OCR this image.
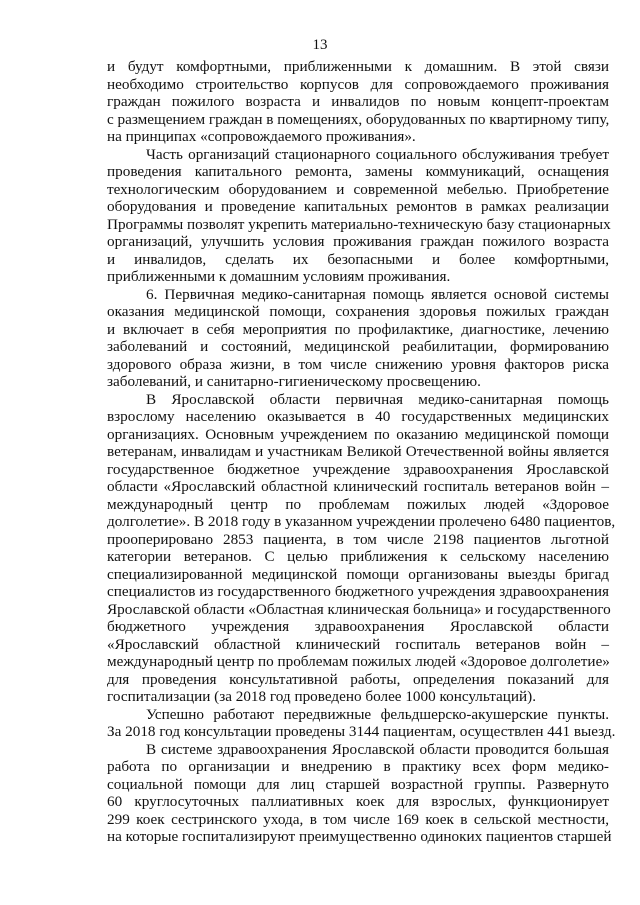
13
и будут комфортными, приближенными к домашним. В этой связи
необходимо строительство корпусов для сопровождаемого проживания
граждан пожилого возраста и инвалидов по новым концепт-проектам
с размещением граждан в помещениях, оборудованных по квартирному типу,
на принципах «сопровождаемого проживания».
Часть организаций стационарного социального обслуживания требует
проведения капитального ремонта, замены коммуникаций, оснащения
технологическим оборудованием и современной мебелью. Приобретение
оборудования и проведение капитальных ремонтов в рамках реализации
Программы позволят укрепить материально-техническую базу стационарных
организаций, улучшить условия проживания граждан пожилого возраста
и инвалидов, сделать их безопасными и более комфортными,
приближенными к домашним условиям проживания.
6. Первичная медико-санитарная помощь является основой системы
оказания медицинской помощи, сохранения здоровья пожилых граждан
и включает в себя мероприятия по профилактике, диагностике, лечению
заболеваний и состояний, медицинской реабилитации, формированию
здорового образа жизни, в том числе снижению уровня факторов риска
заболеваний, и санитарно-гигиеническому просвещению.
В Ярославской области первичная медико-санитарная помощь
взрослому населению оказывается в 40 государственных медицинских
организациях. Основным учреждением по оказанию медицинской помощи
ветеранам, инвалидам и участникам Великой Отечественной войны является
государственное бюджетное учреждение здравоохранения Ярославской
области «Ярославский областной клинический госпиталь ветеранов войн –
международный центр по проблемам пожилых людей «Здоровое
долголетие». В 2018 году в указанном учреждении пролечено 6480 пациентов,
прооперировано 2853 пациента, в том числе 2198 пациентов льготной
категории ветеранов. С целью приближения к сельскому населению
специализированной медицинской помощи организованы выезды бригад
специалистов из государственного бюджетного учреждения здравоохранения
Ярославской области «Областная клиническая больница» и государственного
бюджетного учреждения здравоохранения Ярославской области
«Ярославский областной клинический госпиталь ветеранов войн –
международный центр по проблемам пожилых людей «Здоровое долголетие»
для проведения консультативной работы, определения показаний для
госпитализации (за 2018 год проведено более 1000 консультаций).
Успешно работают передвижные фельдшерско-акушерские пункты.
За 2018 год консультации проведены 3144 пациентам, осуществлен 441 выезд.
В системе здравоохранения Ярославской области проводится большая
работа по организации и внедрению в практику всех форм медико-
социальной помощи для лиц старшей возрастной группы. Развернуто
60 круглосуточных паллиативных коек для взрослых, функционирует
299 коек сестринского ухода, в том числе 169 коек в сельской местности,
на которые госпитализируют преимущественно одиноких пациентов старшей
